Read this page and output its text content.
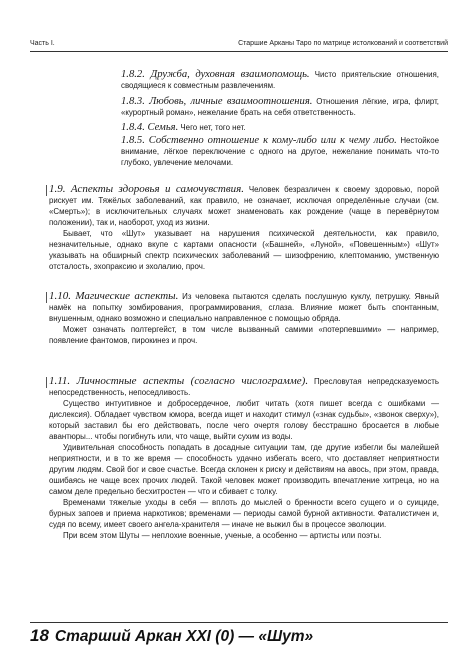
Часть I.	Старшие Арканы Таро по матрице истолкований и соответствий
1.8.2. Дружба, духовная взаимопомощь. Чисто приятельские отношения, сводящиеся к совместным развлечениям.
1.8.3. Любовь, личные взаимоотношения. Отношения лёгкие, игра, флирт, «курортный роман», нежелание брать на себя ответственность.
1.8.4. Семья. Чего нет, того нет.
1.8.5. Собственно отношение к кому-либо или к чему либо. Нестойкое внимание, лёгкое переключение с одного на другое, нежелание понимать что-то глубоко, увлечение мелочами.

1.9. Аспекты здоровья и самочувствия. Человек безразличен к своему здоровью, порой рискует им. Тяжёлых заболеваний, как правило, не означает, исключая определённые случаи (см. «Смерть»); в исключительных случаях может знаменовать как рождение (чаще в перевёрнутом положении), так и, наоборот, уход из жизни.

Бывает, что «Шут» указывает на нарушения психической деятельности, как правило, незначительные, однако вкупе с картами опасности («Башней», «Луной», «Повешенным») «Шут» указывать на обширный спектр психических заболеваний — шизофрению, клептоманию, умственную отсталость, эхопраксию и эхолалию, проч.

1.10. Магические аспекты. Из человека пытаются сделать послушную куклу, петрушку. Явный намёк на попытку зомбирования, программирования, сглаза. Влияние может быть спонтанным, внушенным, однако возможно и специально направленное с помощью обряда.

Может означать полтергейст, в том числе вызванный самими «потерпевшими» — например, появление фантомов, пирокинез и проч.

1.11. Личностные аспекты (согласно числограмме). Пресловутая непредсказуемость непосредственность, непоседливость.

Существо интуитивное и добросердечное, любит читать (хотя пишет всегда с ошибками — дислексия). Обладает чувством юмора, всегда ищет и находит стимул («знак судьбы», «звонок сверху»), который заставил бы его действовать, после чего очертя голову бесстрашно бросается в любые авантюры... чтобы погибнуть или, что чаще, выйти сухим из воды.

Удивительная способность попадать в досадные ситуации там, где другие избегли бы малейшей неприятности, и в то же время — способность удачно избегать всего, что доставляет неприятности другим людям. Свой бог и свое счастье. Всегда склонен к риску и действиям на авось, при этом, правда, ошибаясь не чаще всех прочих людей. Такой человек может производить впечатление хитреца, но на самом деле предельно бесхитростен — что и сбивает с толку.

Временами тяжелые уходы в себя — вплоть до мыслей о бренности всего сущего и о суициде, бурных запоев и приема наркотиков; временами — периоды самой бурной активности. Фаталистичен и, судя по всему, имеет своего ангела-хранителя — иначе не выжил бы в процессе эволюции.

При всем этом Шуты — неплохие военные, ученые, а особенно — артисты или поэты.

18 Старший Аркан XXI (0) — «Шут»
